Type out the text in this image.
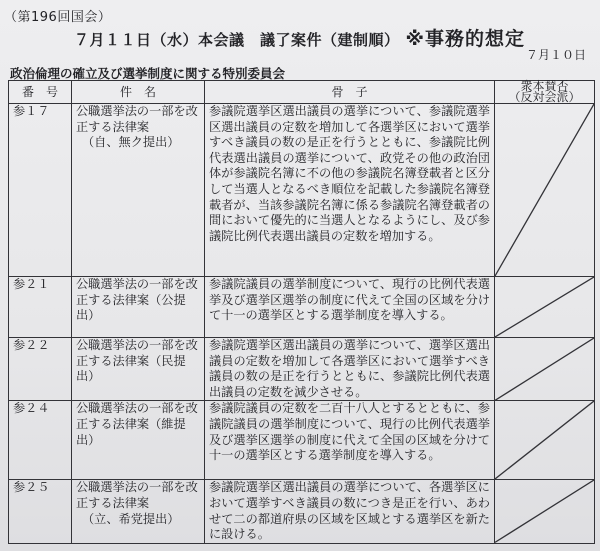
（第196回国会）
７月１１日（水）本会議　議了案件（建制順） ※事務的想定
７月１０日
政治倫理の確立及び選挙制度に関する特別委員会
番　号	件　名	骨　子	衆本賛否
（反対会派）

参１７	公職選挙法の一部を改正する法律案
（自、無ク提出）	参議院選挙区選出議員の選挙について、参議院選挙区選出議員の定数を増加して各選挙区において選挙すべき議員の数の是正を行うとともに、参議院比例代表選出議員の選挙について、政党その他の政治団体が参議院名簿に不の他の参議院名簿登載者と区分して当選人となるべき順位を記載した参議院名簿登載者が、当該参議院名簿に係る参議院名簿登載者の間において優先的に当選人となるようにし、及び参議院比例代表選出議員の定数を増加する。	

参２１	公職選挙法の一部を改正する法律案（公提出）	参議院議員の選挙制度について、現行の比例代表選挙及び選挙区選挙の制度に代えて全国の区域を分けて十一の選挙区とする選挙制度を導入する。	

参２２	公職選挙法の一部を改正する法律案（民提出）	参議院選挙区選出議員の選挙について、選挙区選出議員の定数を増加して各選挙区において選挙すべき議員の数の是正を行うとともに、参議院比例代表選出議員の定数を減少させる。	

参２４	公職選挙法の一部を改正する法律案（維提出）	参議院議員の定数を二百十八人とするとともに、参議院議員の選挙制度について、現行の比例代表選挙及び選挙区選挙の制度に代えて全国の区域を分けて十一の選挙区とする選挙制度を導入する。	

参２５	公職選挙法の一部を改正する法律案
（立、希党提出）	参議院選挙区選出議員の選挙について、各選挙区において選挙すべき議員の数につき是正を行い、あわせて二の都道府県の区域を区域とする選挙区を新たに設ける。	
